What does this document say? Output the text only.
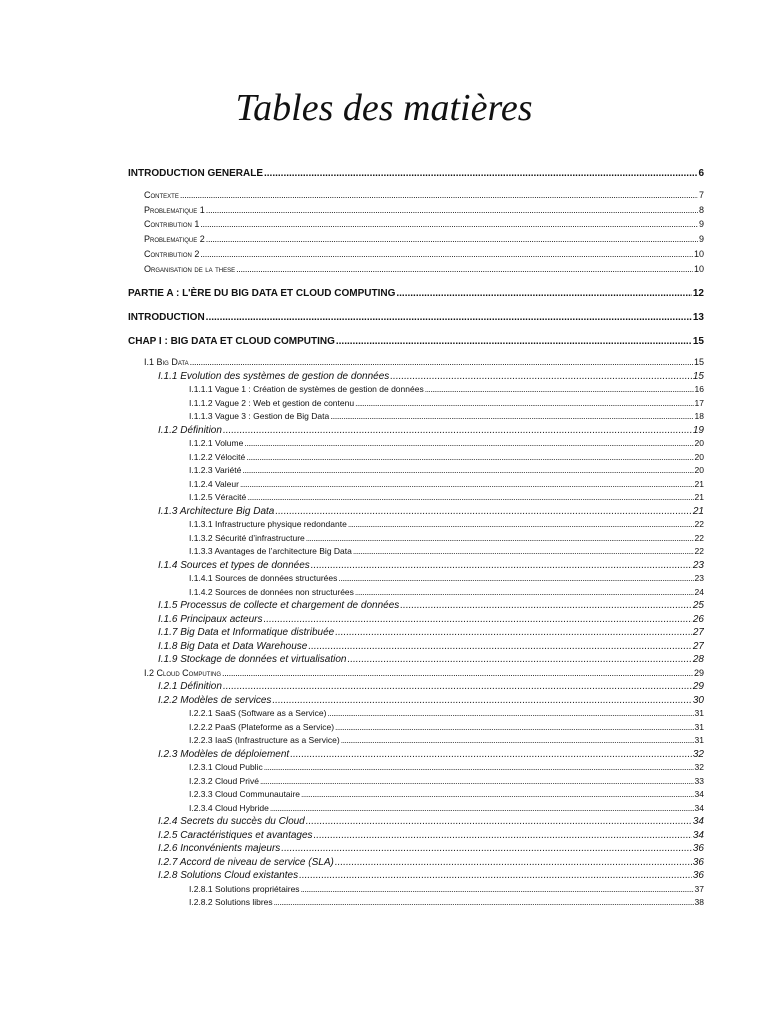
Tables des matières
INTRODUCTION GENERALE .....	6
Contexte .....	7
Problematique 1 .....	8
Contribution 1 .....	9
Problematique 2 .....	9
Contribution 2 .....	10
Organisation de la these .....	10
PARTIE A : L'ÈRE DU BIG DATA ET CLOUD COMPUTING .....	12
INTRODUCTION .....	13
CHAP I : BIG DATA ET CLOUD COMPUTING .....	15
I.1 Big Data .....	15
I.1.1 Evolution des systèmes de gestion de données .....	15
I.1.1.1 Vague 1 : Création de systèmes de gestion de données .....	16
I.1.1.2 Vague 2 : Web et gestion de contenu .....	17
I.1.1.3 Vague 3 : Gestion de Big Data .....	18
I.1.2 Définition .....	19
I.1.2.1 Volume .....	20
I.1.2.2 Vélocité .....	20
I.1.2.3 Variété .....	20
I.1.2.4 Valeur .....	21
I.1.2.5 Véracité .....	21
I.1.3 Architecture Big Data .....	21
I.1.3.1 Infrastructure physique redondante .....	22
I.1.3.2 Sécurité d’infrastructure .....	22
I.1.3.3 Avantages de l’architecture Big Data .....	22
I.1.4 Sources et types de données .....	23
I.1.4.1 Sources de données structurées .....	23
I.1.4.2 Sources de données non structurées .....	24
I.1.5 Processus de collecte et chargement de données .....	25
I.1.6 Principaux acteurs .....	26
I.1.7 Big Data et Informatique distribuée .....	27
I.1.8 Big Data et Data Warehouse .....	27
I.1.9 Stockage de données et virtualisation .....	28
I.2 Cloud Computing .....	29
I.2.1 Définition .....	29
I.2.2 Modèles de services .....	30
I.2.2.1 SaaS (Software as a Service) .....	31
I.2.2.2 PaaS (Plateforme as a Service) .....	31
I.2.2.3 IaaS (Infrastructure as a Service) .....	31
I.2.3 Modèles de déploiement .....	32
I.2.3.1 Cloud Public .....	32
I.2.3.2 Cloud Privé .....	33
I.2.3.3 Cloud Communautaire .....	34
I.2.3.4 Cloud Hybride .....	34
I.2.4 Secrets du succès du Cloud .....	34
I.2.5 Caractéristiques et avantages .....	34
I.2.6 Inconvénients majeurs .....	36
I.2.7 Accord de niveau de service (SLA) .....	36
I.2.8 Solutions Cloud existantes .....	36
I.2.8.1 Solutions propriétaires .....	37
I.2.8.2 Solutions libres .....	38
